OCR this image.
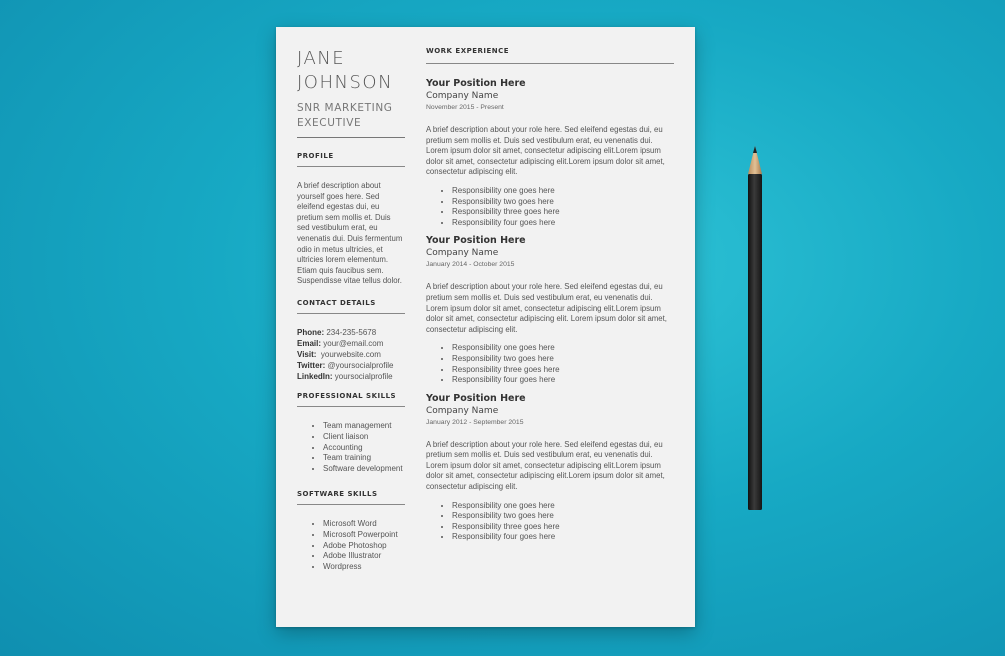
JANE
JOHNSON
SNR MARKETING
EXECUTIVE
PROFILE
A brief description about yourself goes here. Sed eleifend egestas dui, eu pretium sem mollis et. Duis sed vestibulum erat, eu venenatis dui. Duis fermentum odio in metus ultricies, et ultricies lorem elementum. Etiam quis faucibus sem. Suspendisse vitae tellus dolor.
CONTACT DETAILS
Phone: 234-235-5678
Email: your@email.com
Visit: yourwebsite.com
Twitter: @yoursocialprofile
LinkedIn: yoursocialprofile
PROFESSIONAL SKILLS
• Team management
• Client liaison
• Accounting
• Team training
• Software development
SOFTWARE SKILLS
• Microsoft Word
• Microsoft Powerpoint
• Adobe Photoshop
• Adobe Illustrator
• Wordpress
WORK EXPERIENCE
Your Position Here
Company Name
November 2015 - Present
A brief description about your role here. Sed eleifend egestas dui, eu pretium sem mollis et. Duis sed vestibulum erat, eu venenatis dui. Lorem ipsum dolor sit amet, consectetur adipiscing elit.Lorem ipsum dolor sit amet, consectetur adipiscing elit.Lorem ipsum dolor sit amet, consectetur adipiscing elit.
• Responsibility one goes here
• Responsibility two goes here
• Responsibility three goes here
• Responsibility four goes here
Your Position Here
Company Name
January 2014 - October 2015
A brief description about your role here. Sed eleifend egestas dui, eu pretium sem mollis et. Duis sed vestibulum erat, eu venenatis dui. Lorem ipsum dolor sit amet, consectetur adipiscing elit.Lorem ipsum dolor sit amet, consectetur adipiscing elit. Lorem ipsum dolor sit amet, consectetur adipiscing elit.
• Responsibility one goes here
• Responsibility two goes here
• Responsibility three goes here
• Responsibility four goes here
Your Position Here
Company Name
January 2012 - September 2015
A brief description about your role here. Sed eleifend egestas dui, eu pretium sem mollis et. Duis sed vestibulum erat, eu venenatis dui. Lorem ipsum dolor sit amet, consectetur adipiscing elit.Lorem ipsum dolor sit amet, consectetur adipiscing elit.Lorem ipsum dolor sit amet, consectetur adipiscing elit.
• Responsibility one goes here
• Responsibility two goes here
• Responsibility three goes here
• Responsibility four goes here
